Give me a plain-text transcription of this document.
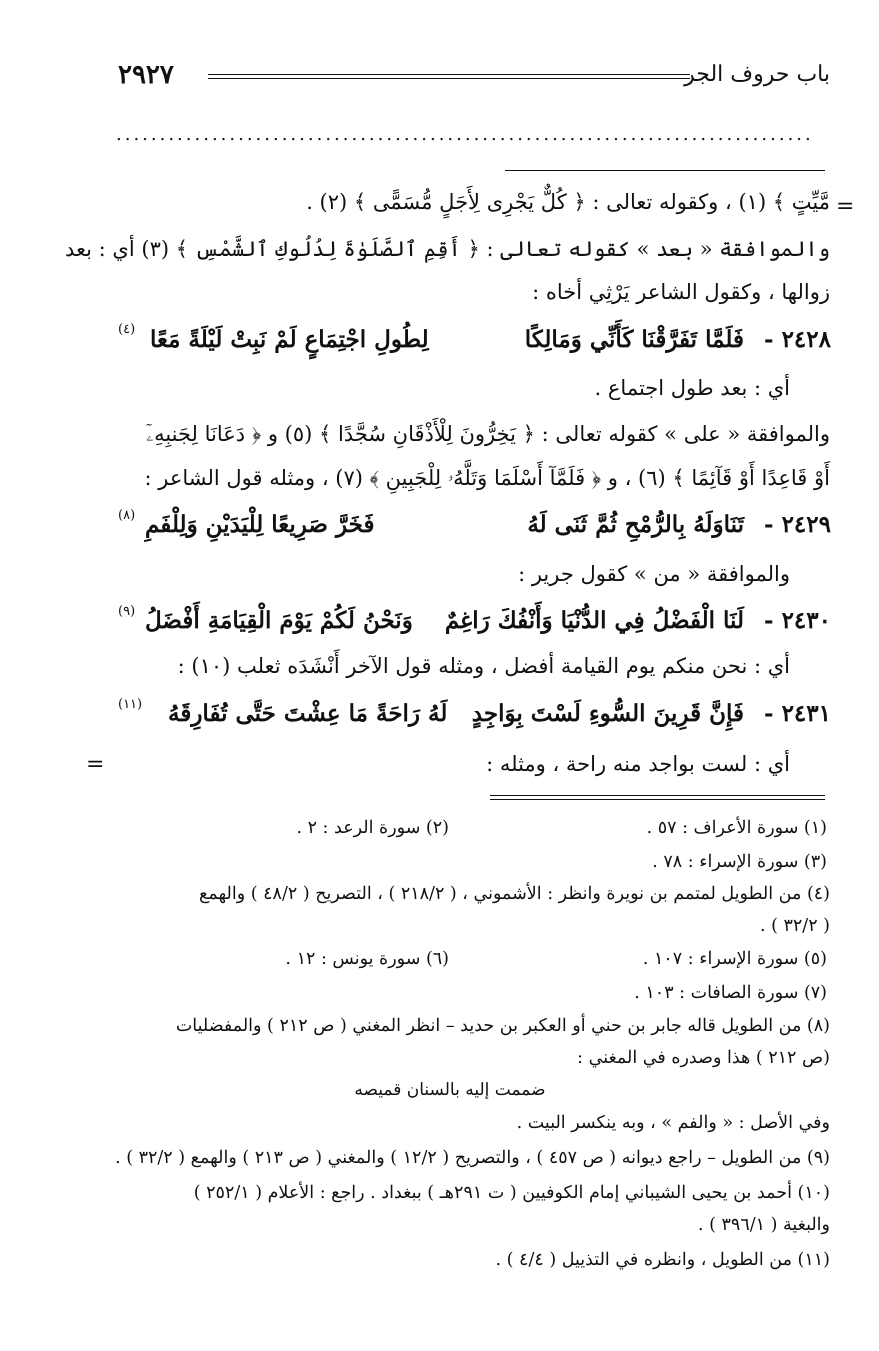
باب حروف الجر
٢٩٢٧
................................................................................
مَّيِّتٍ ﴾ (١) ، وكقوله تعالى : ﴿ كُلٌّ يَجْرِى لِأَجَلٍ مُّسَمًّى ﴾ (٢) . =
والموافقة « بعد » كقوله تعالى : ﴿ أَقِمِ ٱلصَّلَوٰةَ لِدُلُوكِ ٱلشَّمْسِ ﴾ (٣) أي : بعد
زوالها ، وكقول الشاعر يَرْثِي أخاه :
٢٤٢٨ -
فَلَمَّا تَفَرَّقْنَا كَأَنِّي وَمَالِكًا
لِطُولِ اجْتِمَاعٍ لَمْ نَبِتْ لَيْلَةً مَعًا
(٤)
أي : بعد طول اجتماع .
والموافقة « على » كقوله تعالى : ﴿ يَخِرُّونَ لِلْأَذْقَانِ سُجَّدًا ﴾ (٥) و ﴿ دَعَانَا لِجَنبِهِۦٓ
أَوْ قَاعِدًا أَوْ قَآئِمًا ﴾ (٦) ، و ﴿ فَلَمَّآ أَسْلَمَا وَتَلَّهُۥ لِلْجَبِينِ ﴾ (٧) ، ومثله قول الشاعر :
٢٤٢٩ -
تَنَاوَلَهُ بِالرُّمْحِ ثُمَّ ثَنَى لَهُ
فَخَرَّ صَرِيعًا لِلْيَدَيْنِ وَلِلْفَمِ
(٨)
والموافقة « من » كقول جرير :
٢٤٣٠ -
لَنَا الْفَضْلُ فِي الدُّنْيَا وَأَنْفُكَ رَاغِمٌ
وَنَحْنُ لَكُمْ يَوْمَ الْقِيَامَةِ أَفْضَلُ
(٩)
أي : نحن منكم يوم القيامة أفضل ، ومثله قول الآخر أَنْشَدَه ثعلب (١٠) :
٢٤٣١ -
فَإِنَّ قَرِينَ السُّوءِ لَسْتَ بِوَاجِدٍ
لَهُ رَاحَةً مَا عِشْتَ حَتَّى تُفَارِقَهُ
(١١)
أي : لست بواجد منه راحة ، ومثله :
=
(١) سورة الأعراف : ٥٧ .
(٢) سورة الرعد : ٢ .
(٣) سورة الإسراء : ٧٨ .
(٤) من الطويل لمتمم بن نويرة وانظر : الأشموني ، ( ٢١٨/٢ ) ، التصريح ( ٤٨/٢ ) والهمع
( ٣٢/٢ ) .
(٥) سورة الإسراء : ١٠٧ .
(٦) سورة يونس : ١٢ .
(٧) سورة الصافات : ١٠٣ .
(٨) من الطويل قاله جابر بن حني أو العكبر بن حديد – انظر المغني ( ص ٢١٢ ) والمفضليات
(ص ٢١٢ ) هذا وصدره في المغني :
ضممت إليه بالسنان قميصه
وفي الأصل : « والفم » ، وبه ينكسر البيت .
(٩) من الطويل – راجع ديوانه ( ص ٤٥٧ ) ، والتصريح ( ١٢/٢ ) والمغني ( ص ٢١٣ ) والهمع ( ٣٢/٢ ) .
(١٠) أحمد بن يحيى الشيباني إمام الكوفيين ( ت ٢٩١هـ ) ببغداد . راجع : الأعلام ( ٢٥٢/١ )
والبغية ( ٣٩٦/١ ) .
(١١) من الطويل ، وانظره في التذييل ( ٤/٤ ) .
